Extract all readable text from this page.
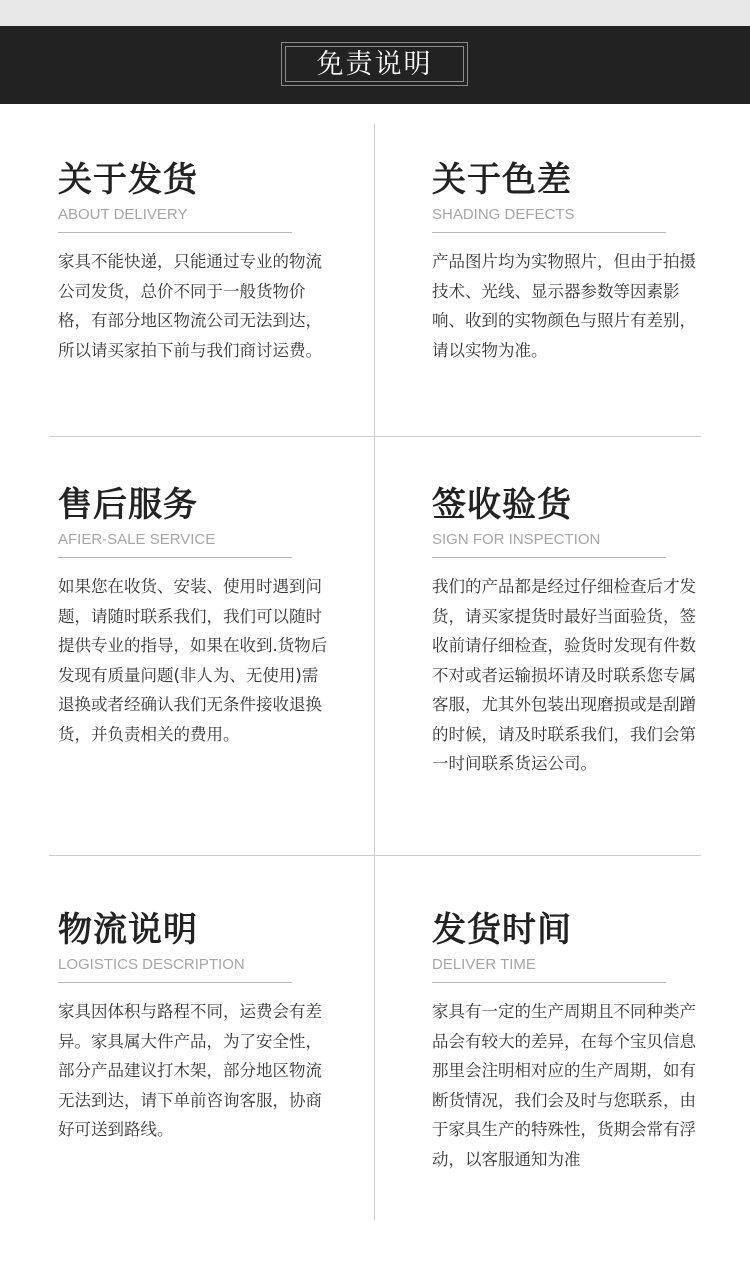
免责说明
关于发货
ABOUT DELIVERY
家具不能快递，只能通过专业的物流公司发货，总价不同于一般货物价格，有部分地区物流公司无法到达，所以请买家拍下前与我们商讨运费。
关于色差
SHADING DEFECTS
产品图片均为实物照片，但由于拍摄技术、光线、显示器参数等因素影响、收到的实物颜色与照片有差别，请以实物为准。
售后服务
AFIER-SALE SERVICE
如果您在收货、安装、使用时遇到问题，请随时联系我们，我们可以随时提供专业的指导，如果在收到.货物后发现有质量问题(非人为、无使用)需退换或者经确认我们无条件接收退换货，并负责相关的费用。
签收验货
SIGN FOR INSPECTION
我们的产品都是经过仔细检查后才发货，请买家提货时最好当面验货，签收前请仔细检查，验货时发现有件数不对或者运输损坏请及时联系您专属客服，尤其外包装出现磨损或是刮蹭的时候，请及时联系我们，我们会第一时间联系货运公司。
物流说明
LOGISTICS DESCRIPTION
家具因体积与路程不同，运费会有差异。家具属大件产品，为了安全性，部分产品建议打木架，部分地区物流无法到达，请下单前咨询客服，协商好可送到路线。
发货时间
DELIVER TIME
家具有一定的生产周期且不同种类产品会有较大的差异，在每个宝贝信息那里会注明相对应的生产周期，如有断货情况，我们会及时与您联系，由于家具生产的特殊性，货期会常有浮动，以客服通知为准
